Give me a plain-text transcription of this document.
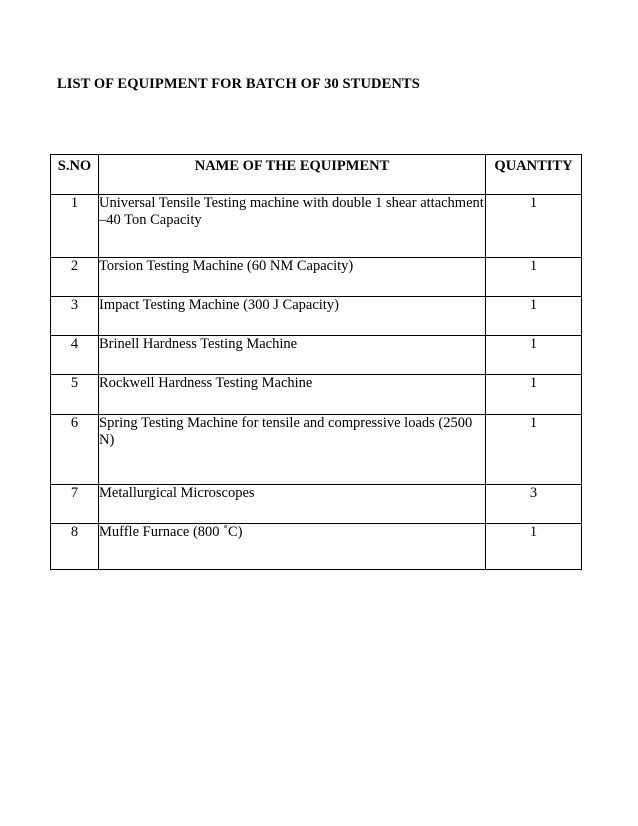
LIST OF EQUIPMENT FOR BATCH OF 30 STUDENTS
S.NO	NAME OF THE EQUIPMENT	QUANTITY
1	Universal Tensile Testing machine with double 1 shear attachment –40 Ton Capacity	1
2	Torsion Testing Machine (60 NM Capacity)	1
3	Impact Testing Machine (300 J Capacity)	1
4	Brinell Hardness Testing Machine	1
5	Rockwell Hardness Testing Machine	1
6	Spring Testing Machine for tensile and compressive loads (2500 N)	1
7	Metallurgical Microscopes	3
8	Muffle Furnace (800 ˚C)	1
